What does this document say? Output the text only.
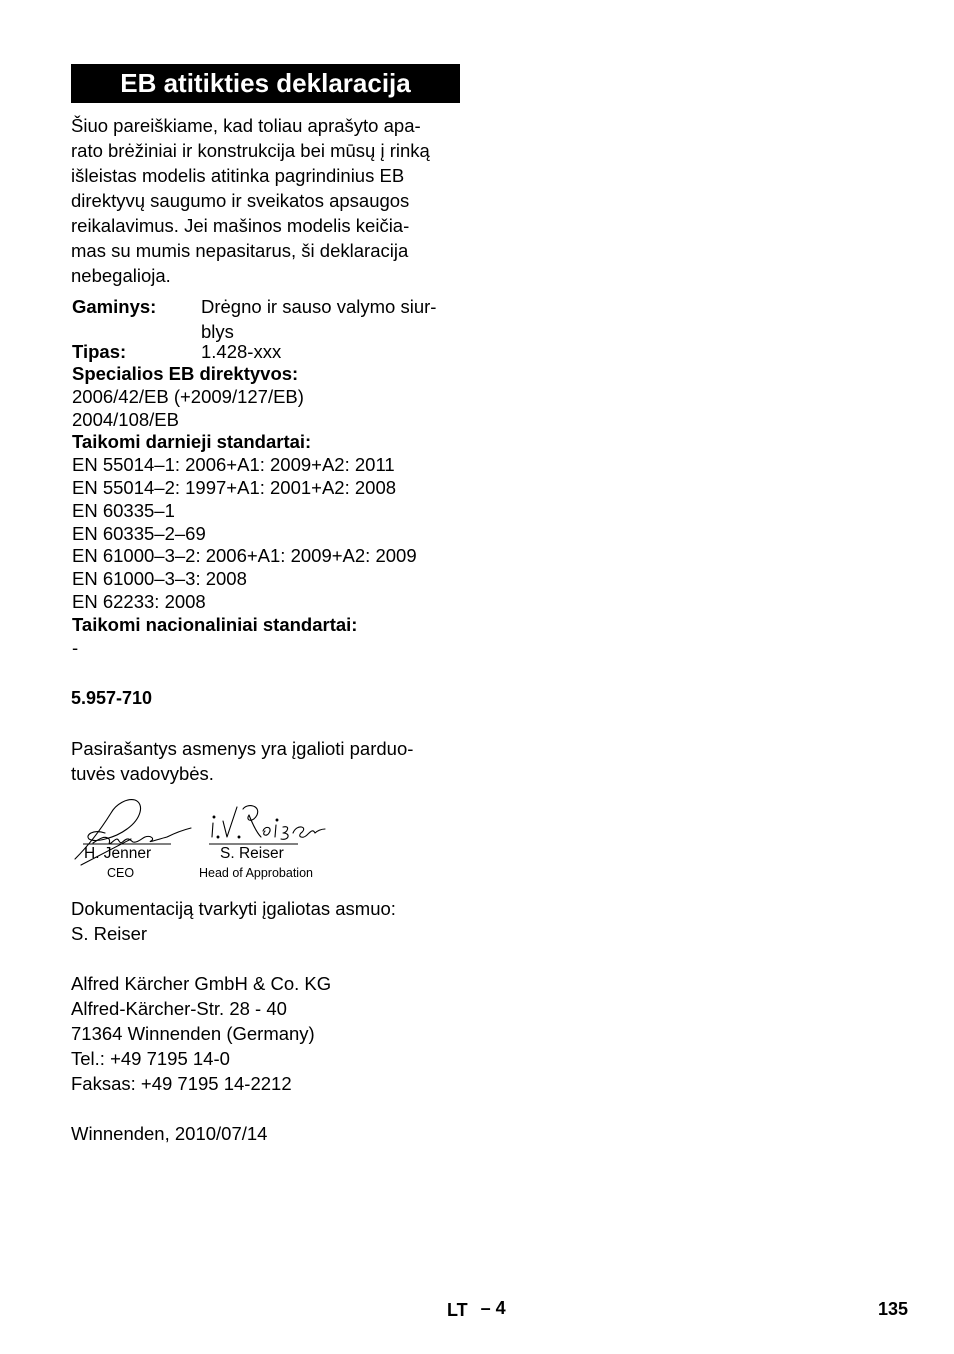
EB atitikties deklaracija
Šiuo pareiškiame, kad toliau aprašyto apa-
rato brėžiniai ir konstrukcija bei mūsų į rinką
išleistas modelis atitinka pagrindinius EB
direktyvų saugumo ir sveikatos apsaugos
reikalavimus. Jei mašinos modelis keičia-
mas su mumis nepasitarus, ši deklaracija
nebegalioja.
Gaminys:	Drėgno ir sauso valymo siur-
blys
Tipas:	1.428-xxx
Specialios EB direktyvos:
2006/42/EB (+2009/127/EB)
2004/108/EB
Taikomi darnieji standartai:
EN 55014–1: 2006+A1: 2009+A2: 2011
EN 55014–2: 1997+A1: 2001+A2: 2008
EN 60335–1
EN 60335–2–69
EN 61000–3–2: 2006+A1: 2009+A2: 2009
EN 61000–3–3: 2008
EN 62233: 2008
Taikomi nacionaliniai standartai:
-
5.957-710
Pasirašantys asmenys yra įgalioti parduo-
tuvės vadovybės.
H. Jenner
CEO
S. Reiser
Head of Approbation
Dokumentaciją tvarkyti įgaliotas asmuo:
S. Reiser
Alfred Kärcher GmbH & Co. KG
Alfred-Kärcher-Str. 28 - 40
71364 Winnenden (Germany)
Tel.: +49 7195 14-0
Faksas: +49 7195 14-2212
Winnenden, 2010/07/14
LT – 4	135
